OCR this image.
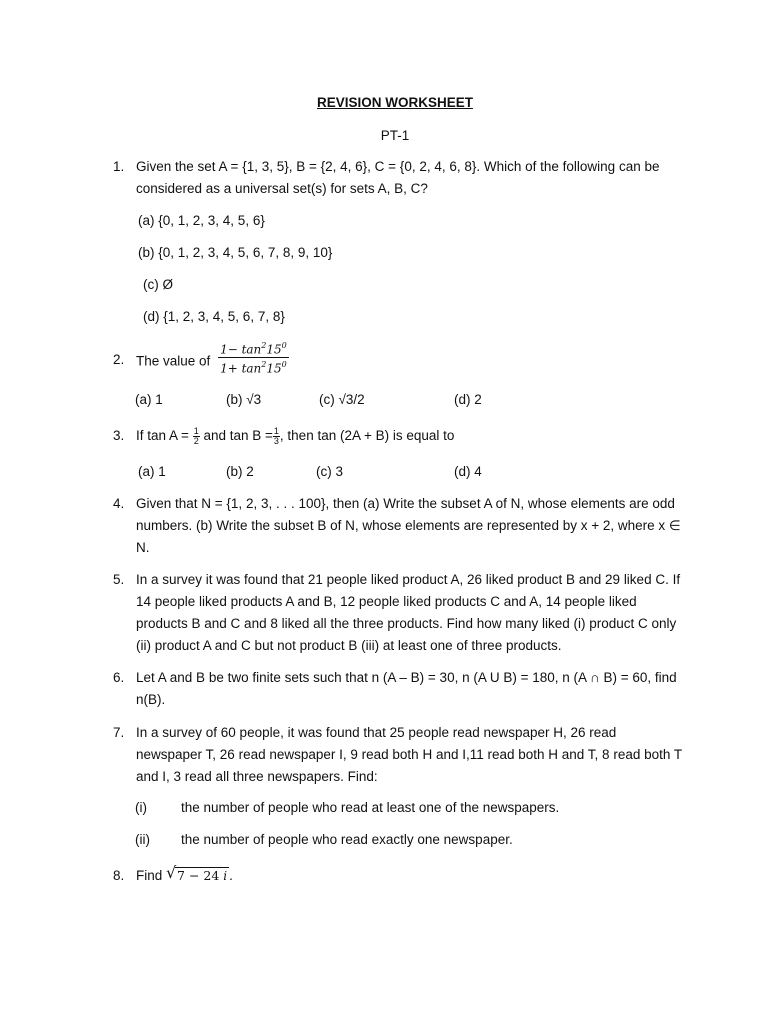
REVISION WORKSHEET
PT-1
1. Given the set A = {1, 3, 5}, B = {2, 4, 6}, C = {0, 2, 4, 6, 8}. Which of the following can be considered as a universal set(s) for sets A, B, C?
(a) {0, 1, 2, 3, 4, 5, 6}
(b) {0, 1, 2, 3, 4, 5, 6, 7, 8, 9, 10}
(c) Ø
(d) {1, 2, 3, 4, 5, 6, 7, 8}
2. The value of $\frac{1- \tan^215^0}{1+ \tan^215^0}$
(a) 1	(b) √3	(c) √3/2	(d) 2
3. If $\tan A = \frac{1}{2}$ and $\tan B = \frac{1}{3}$ , then tan (2A + B) is equal to
(a) 1	(b) 2	(c) 3	(d) 4
4. Given that N = {1, 2, 3, . . . 100}, then (a) Write the subset A of N, whose elements are odd numbers. (b) Write the subset B of N, whose elements are represented by x + 2, where x ∈ N.
5. In a survey it was found that 21 people liked product A, 26 liked product B and 29 liked C. If 14 people liked products A and B, 12 people liked products C and A, 14 people liked products B and C and 8 liked all the three products. Find how many liked (i) product C only (ii) product A and C but not product B (iii) at least one of three products.
6. Let A and B be two finite sets such that n (A – B) = 30, n (A U B) = 180, n (A ∩ B) = 60, find n(B).
7. In a survey of 60 people, it was found that 25 people read newspaper H, 26 read newspaper T, 26 read newspaper I, 9 read both H and I,11 read both H and T, 8 read both T and I, 3 read all three newspapers. Find:
(i)	the number of people who read at least one of the newspapers.
(ii) the number of people who read exactly one newspaper.
8. Find √ 7 − 24 i .
